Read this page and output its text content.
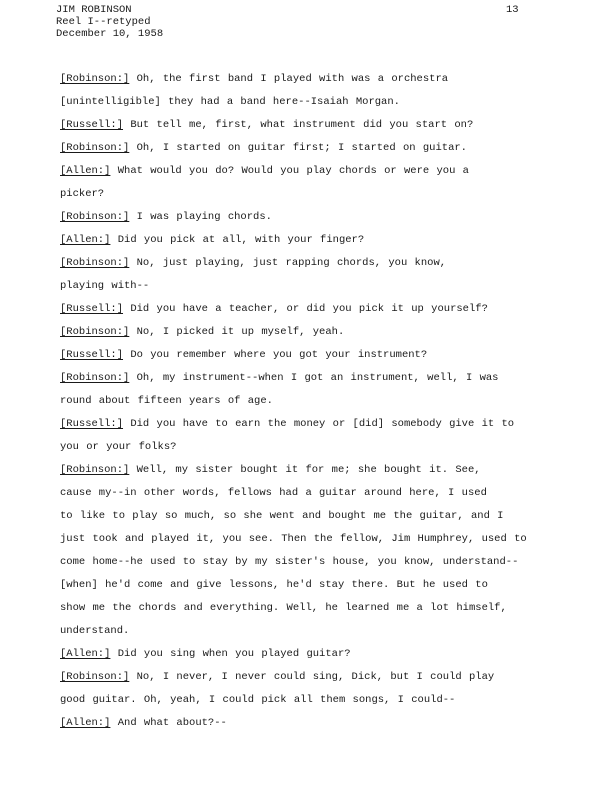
JIM ROBINSON
Reel I--retyped
December 10, 1958
13
[Robinson:] Oh, the first band I played with was a orchestra
[unintelligible] they had a band here--Isaiah Morgan.
[Russell:] But tell me, first, what instrument did you start on?
[Robinson:] Oh, I started on guitar first; I started on guitar.
[Allen:] What would you do? Would you play chords or were you a
picker?
[Robinson:] I was playing chords.
[Allen:] Did you pick at all, with your finger?
[Robinson:] No, just playing, just rapping chords, you know,
playing with--
[Russell:] Did you have a teacher, or did you pick it up yourself?
[Robinson:] No, I picked it up myself, yeah.
[Russell:] Do you remember where you got your instrument?
[Robinson:] Oh, my instrument--when I got an instrument, well, I was
round about fifteen years of age.
[Russell:] Did you have to earn the money or [did] somebody give it to
you or your folks?
[Robinson:] Well, my sister bought it for me; she bought it. See,
cause my--in other words, fellows had a guitar around here, I used
to like to play so much, so she went and bought me the guitar, and I
just took and played it, you see. Then the fellow, Jim Humphrey, used to
come home--he used to stay by my sister's house, you know, understand--
[when] he'd come and give lessons, he'd stay there. But he used to
show me the chords and everything. Well, he learned me a lot himself,
understand.
[Allen:] Did you sing when you played guitar?
[Robinson:] No, I never, I never could sing, Dick, but I could play
good guitar. Oh, yeah, I could pick all them songs, I could--
[Allen:] And what about?--
